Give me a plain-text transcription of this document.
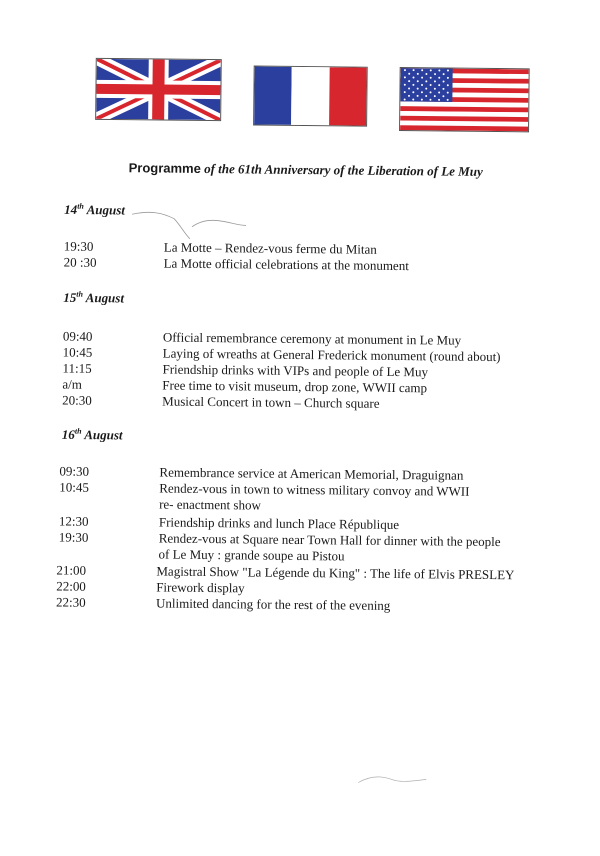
Programme of the 61th Anniversary of the Liberation of Le Muy
14th August
19:30	La Motte – Rendez-vous ferme du Mitan
20 :30	La Motte official celebrations at the monument
15th August
09:40	Official remembrance ceremony at monument in Le Muy
10:45	Laying of wreaths at General Frederick monument (round about)
11:15	Friendship drinks with VIPs and people of Le Muy
a/m	Free time to visit museum, drop zone, WWII camp
20:30	Musical Concert in town – Church square
16th August
09:30	Remembrance service at American Memorial, Draguignan
10:45	Rendez-vous in town to witness military convoy and WWII
re- enactment show
12:30	Friendship drinks and lunch Place République
19:30	Rendez-vous at Square near Town Hall for dinner with the people
of Le Muy : grande soupe au Pistou
21:00	Magistral Show "La Légende du King" : The life of Elvis PRESLEY
22:00	Firework display
22:30	Unlimited dancing for the rest of the evening
